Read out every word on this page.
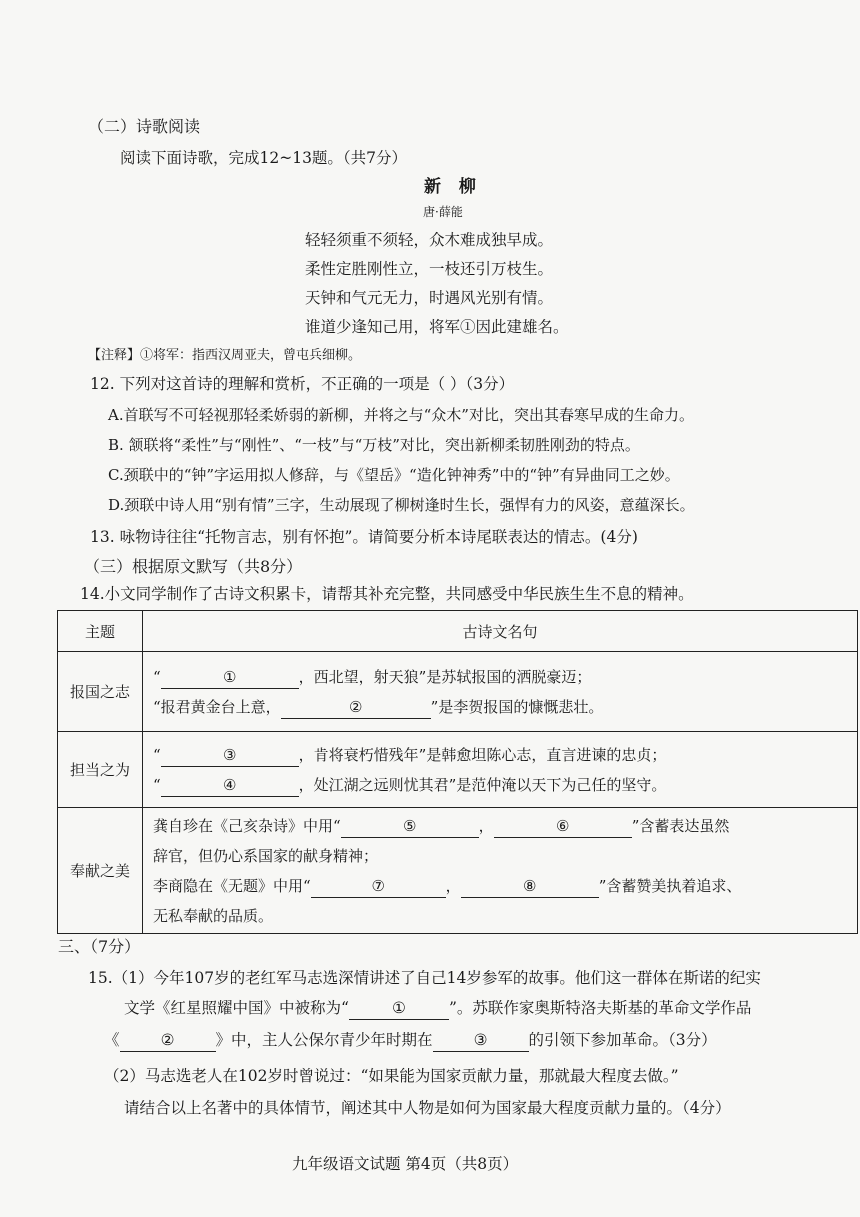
（二）诗歌阅读
阅读下面诗歌，完成12~13题。（共7分）
新 柳
唐·薛能
轻轻须重不须轻，众木难成独早成。
柔性定胜刚性立，一枝还引万枝生。
天钟和气元无力，时遇风光别有情。
谁道少逢知己用，将军①因此建雄名。
【注释】①将军：指西汉周亚夫，曾屯兵细柳。
12. 下列对这首诗的理解和赏析，不正确的一项是（ ）（3分）
A.首联写不可轻视那轻柔娇弱的新柳，并将之与“众木”对比，突出其春寒早成的生命力。
B. 颔联将“柔性”与“刚性”、“一枝”与“万枝”对比，突出新柳柔韧胜刚劲的特点。
C.颈联中的“钟”字运用拟人修辞，与《望岳》“造化钟神秀”中的“钟”有异曲同工之妙。
D.颈联中诗人用“别有情”三字，生动展现了柳树逢时生长，强悍有力的风姿，意蕴深长。
13. 咏物诗往往“托物言志，别有怀抱”。请简要分析本诗尾联表达的情志。(4分)
（三）根据原文默写（共8分）
14.小文同学制作了古诗文积累卡，请帮其补充完整，共同感受中华民族生生不息的精神。
主题	古诗文名句
报国之志	“ ① ，西北望，射天狼”是苏轼报国的洒脱豪迈；
“报君黄金台上意， ② ”是李贺报国的慷慨悲壮。

担当之为	“ ③ ，肯将衰朽惜残年”是韩愈坦陈心志，直言进谏的忠贞；
“ ④ ，处江湖之远则忧其君”是范仲淹以天下为己任的坚守。

奉献之美	龚自珍在《己亥杂诗》中用“ ⑤ ， ⑥ ”含蓄表达虽然
辞官，但仍心系国家的献身精神；
李商隐在《无题》中用“ ⑦ ， ⑧ ”含蓄赞美执着追求、
无私奉献的品质。
三、（7分）
15.（1）今年107岁的老红军马志选深情讲述了自己14岁参军的故事。他们这一群体在斯诺的纪实
文学《红星照耀中国》中被称为“	①	”。苏联作家奥斯特洛夫斯基的革命文学作品
《	②	》中，主人公保尔青少年时期在	③	的引领下参加革命。（3分）
（2）马志选老人在102岁时曾说过：“如果能为国家贡献力量，那就最大程度去做。”
请结合以上名著中的具体情节，阐述其中人物是如何为国家最大程度贡献力量的。（4分）
九年级语文试题 第4页（共8页）
